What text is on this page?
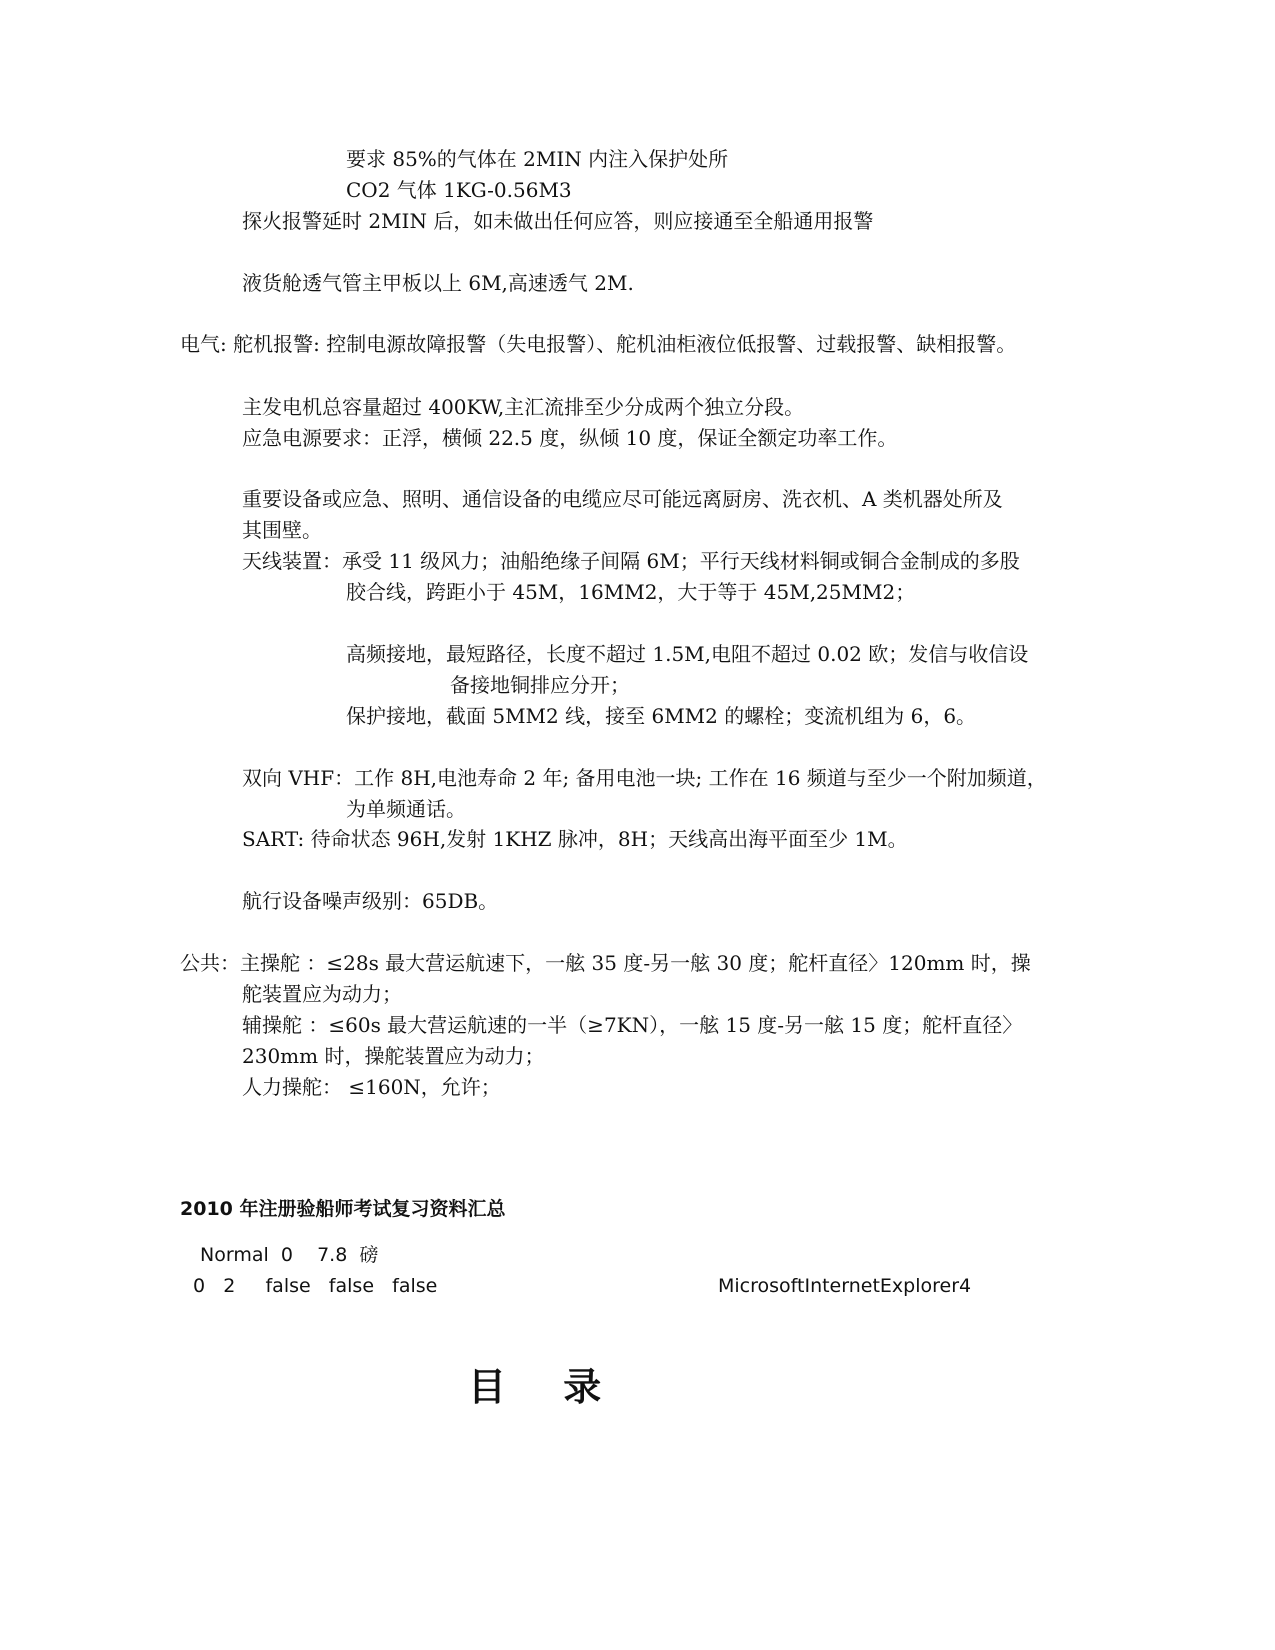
要求 85%的气体在 2MIN 内注入保护处所
CO2 气体 1KG-0.56M3
探火报警延时 2MIN 后，如未做出任何应答，则应接通至全船通用报警
液货舱透气管主甲板以上 6M,高速透气 2M.
电气: 舵机报警: 控制电源故障报警（失电报警）、舵机油柜液位低报警、过载报警、缺相报警。
主发电机总容量超过 400KW,主汇流排至少分成两个独立分段。
应急电源要求：正浮，横倾 22.5 度，纵倾 10 度，保证全额定功率工作。
重要设备或应急、照明、通信设备的电缆应尽可能远离厨房、洗衣机、A 类机器处所及
其围壁。
天线装置：承受 11 级风力；油船绝缘子间隔 6M；平行天线材料铜或铜合金制成的多股
胶合线，跨距小于 45M，16MM2，大于等于 45M,25MM2；
高频接地，最短路径，长度不超过 1.5M,电阻不超过 0.02 欧；发信与收信设
备接地铜排应分开；
保护接地，截面 5MM2 线，接至 6MM2 的螺栓；变流机组为 6，6。
双向 VHF：工作 8H,电池寿命 2 年; 备用电池一块; 工作在 16 频道与至少一个附加频道，
为单频通话。
SART: 待命状态 96H,发射 1KHZ 脉冲，8H；天线高出海平面至少 1M。
航行设备噪声级别：65DB。
公共：主操舵 ：≤28s 最大营运航速下，一舷 35 度-另一舷 30 度；舵杆直径〉120mm 时，操
舵装置应为动力；
辅操舵 ：≤60s 最大营运航速的一半（≥7KN），一舷 15 度-另一舷 15 度；舵杆直径〉
230mm 时，操舵装置应为动力；
人力操舵： ≤160N，允许；
2010 年注册验船师考试复习资料汇总
Normal  0    7.8  磅
0   2     false   false   false	MicrosoftInternetExplorer4
目 录
